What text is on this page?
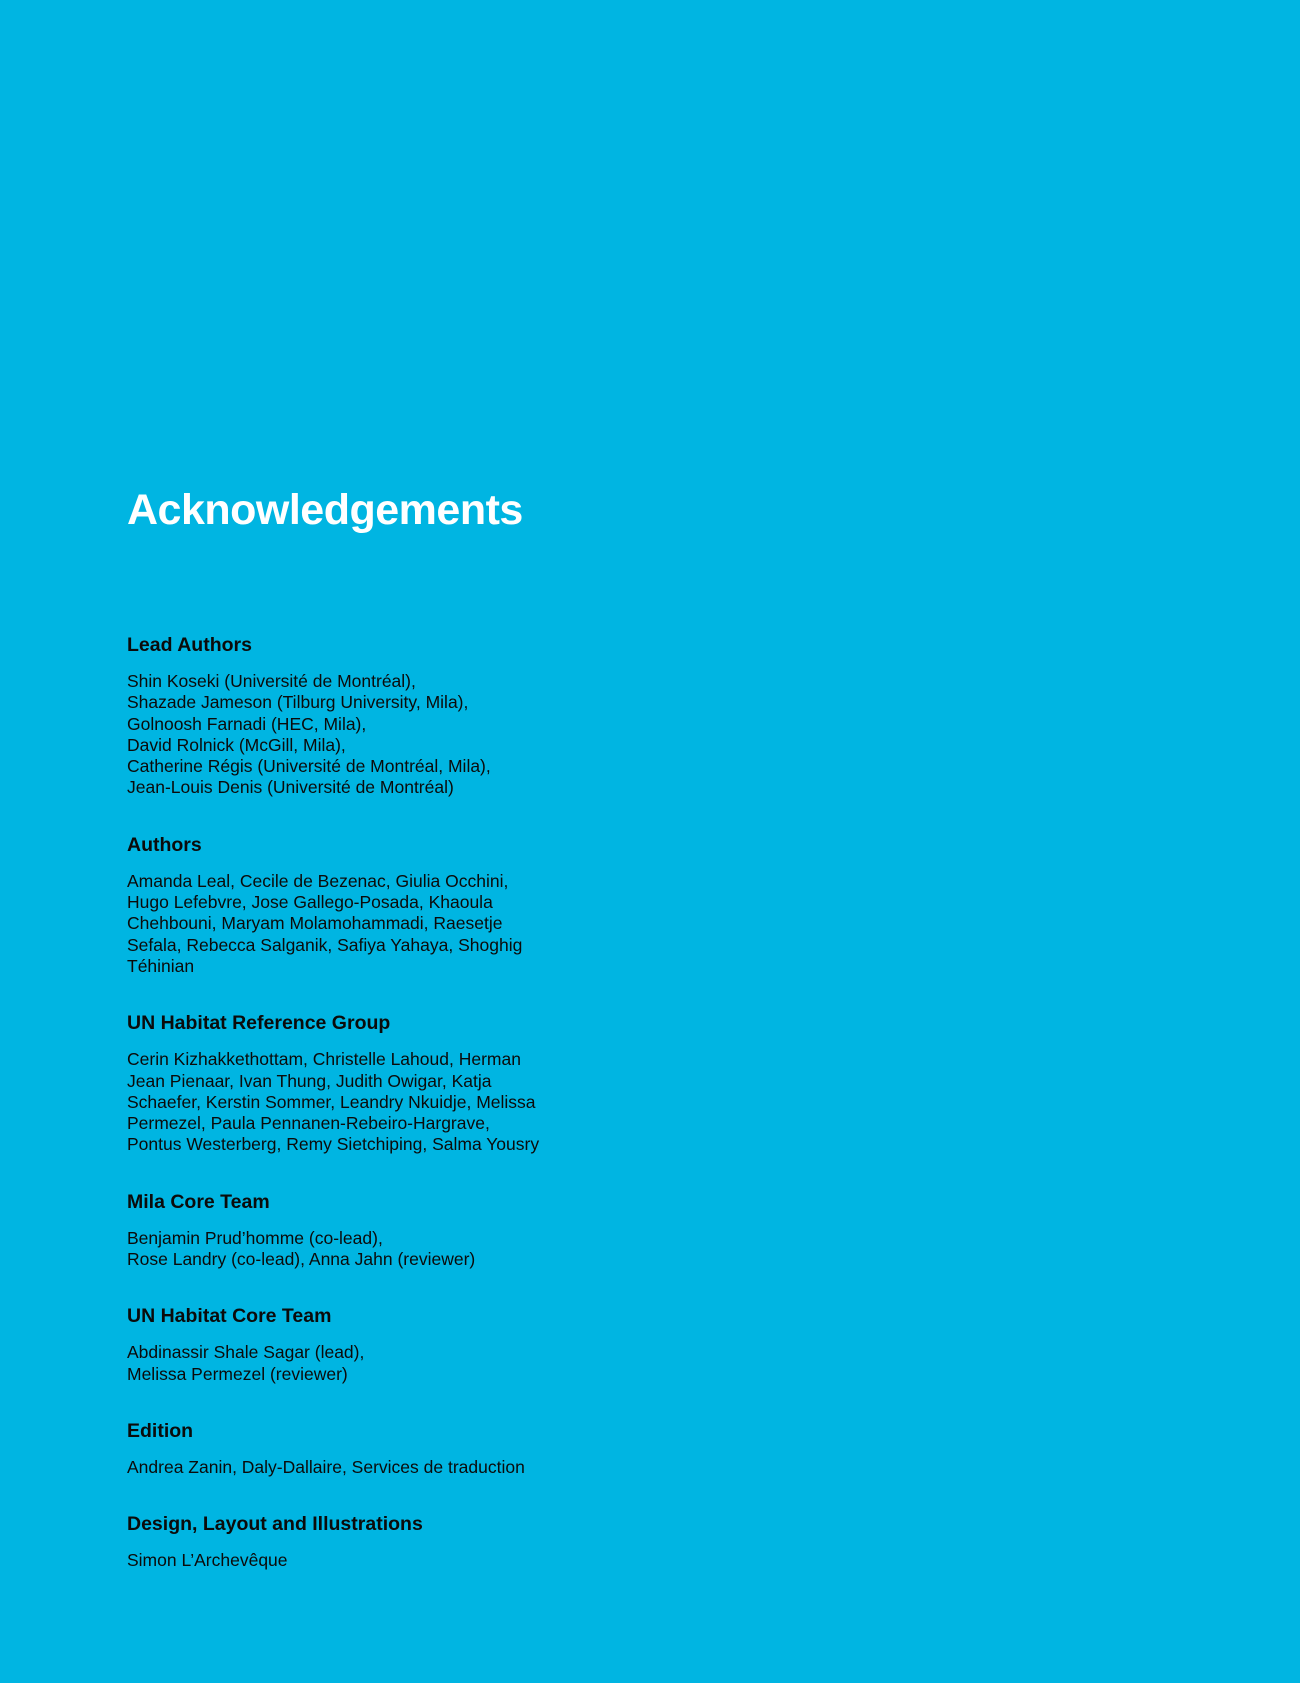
Acknowledgements
Lead Authors

Shin Koseki (Université de Montréal),
Shazade Jameson (Tilburg University, Mila),
Golnoosh Farnadi (HEC, Mila),
David Rolnick (McGill, Mila),
Catherine Régis (Université de Montréal, Mila),
Jean-Louis Denis (Université de Montréal)

Authors

Amanda Leal, Cecile de Bezenac, Giulia Occhini,
Hugo Lefebvre, Jose Gallego-Posada, Khaoula
Chehbouni, Maryam Molamohammadi, Raesetje
Sefala, Rebecca Salganik, Safiya Yahaya, Shoghig
Téhinian

UN Habitat Reference Group

Cerin Kizhakkethottam, Christelle Lahoud, Herman
Jean Pienaar, Ivan Thung, Judith Owigar, Katja
Schaefer, Kerstin Sommer, Leandry Nkuidje, Melissa
Permezel, Paula Pennanen-Rebeiro-Hargrave,
Pontus Westerberg, Remy Sietchiping, Salma Yousry

Mila Core Team

Benjamin Prud’homme (co-lead),
Rose Landry (co-lead), Anna Jahn (reviewer)

UN Habitat Core Team

Abdinassir Shale Sagar (lead),
Melissa Permezel (reviewer)

Edition

Andrea Zanin, Daly-Dallaire, Services de traduction

Design, Layout and Illustrations

Simon L’Archevêque
